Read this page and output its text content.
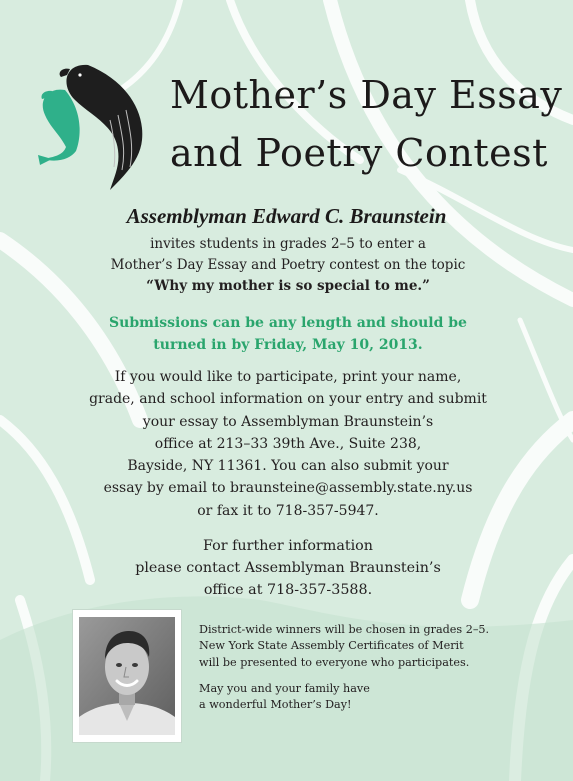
Mother’s Day Essay
and Poetry Contest
Assemblyman Edward C. Braunstein
invites students in grades 2–5 to enter a
Mother’s Day Essay and Poetry contest on the topic
“Why my mother is so special to me.”
Submissions can be any length and should be
turned in by Friday, May 10, 2013.
If you would like to participate, print your name,
grade, and school information on your entry and submit
your essay to Assemblyman Braunstein’s
office at 213–33 39th Ave., Suite 238,
Bayside, NY 11361. You can also submit your
essay by email to braunsteine@assembly.state.ny.us
or fax it to 718-357-5947.
For further information
please contact Assemblyman Braunstein’s
office at 718-357-3588.

District-wide winners will be chosen in grades 2–5.
New York State Assembly Certificates of Merit
will be presented to everyone who participates.

May you and your family have
a wonderful Mother’s Day!
